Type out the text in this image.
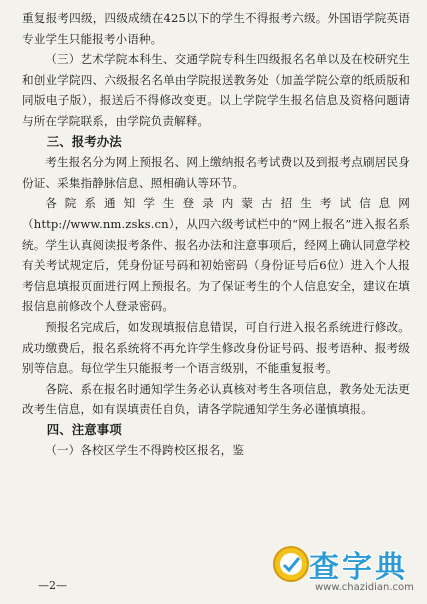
重复报考四级，四级成绩在425以下的学生不得报考六级。外国语学院英语专业学生只能报考小语种。

（三）艺术学院本科生、交通学院专科生四级报名名单以及在校研究生和创业学院四、六级报名名单由学院报送教务处（加盖学院公章的纸质版和同版电子版），报送后不得修改变更。以上学院学生报名信息及资格问题请与所在学院联系，由学院负责解释。

三、报考办法

考生报名分为网上预报名、网上缴纳报名考试费以及到报考点刷居民身份证、采集指静脉信息、照相确认等环节。

各院系通知学生登录内蒙古招生考试信息网（http://www.nm.zsks.cn），从四六级考试栏中的“网上报名”进入报名系统。学生认真阅读报考条件、报名办法和注意事项后，经网上确认同意学校有关考试规定后，凭身份证号码和初始密码（身份证号后6位）进入个人报考信息填报页面进行网上预报名。为了保证考生的个人信息安全，建议在填报信息前修改个人登录密码。

预报名完成后，如发现填报信息错误，可自行进入报名系统进行修改。成功缴费后，报名系统将不再允许学生修改身份证号码、报考语种、报考级别等信息。每位学生只能报考一个语言级别，不能重复报考。

各院、系在报名时通知学生务必认真核对考生各项信息，教务处无法更改考生信息，如有误填责任自负，请各学院通知学生务必谨慎填报。

四、注意事项

（一）各校区学生不得跨校区报名，鉴

—2—
查字典
www.chazidian.com
